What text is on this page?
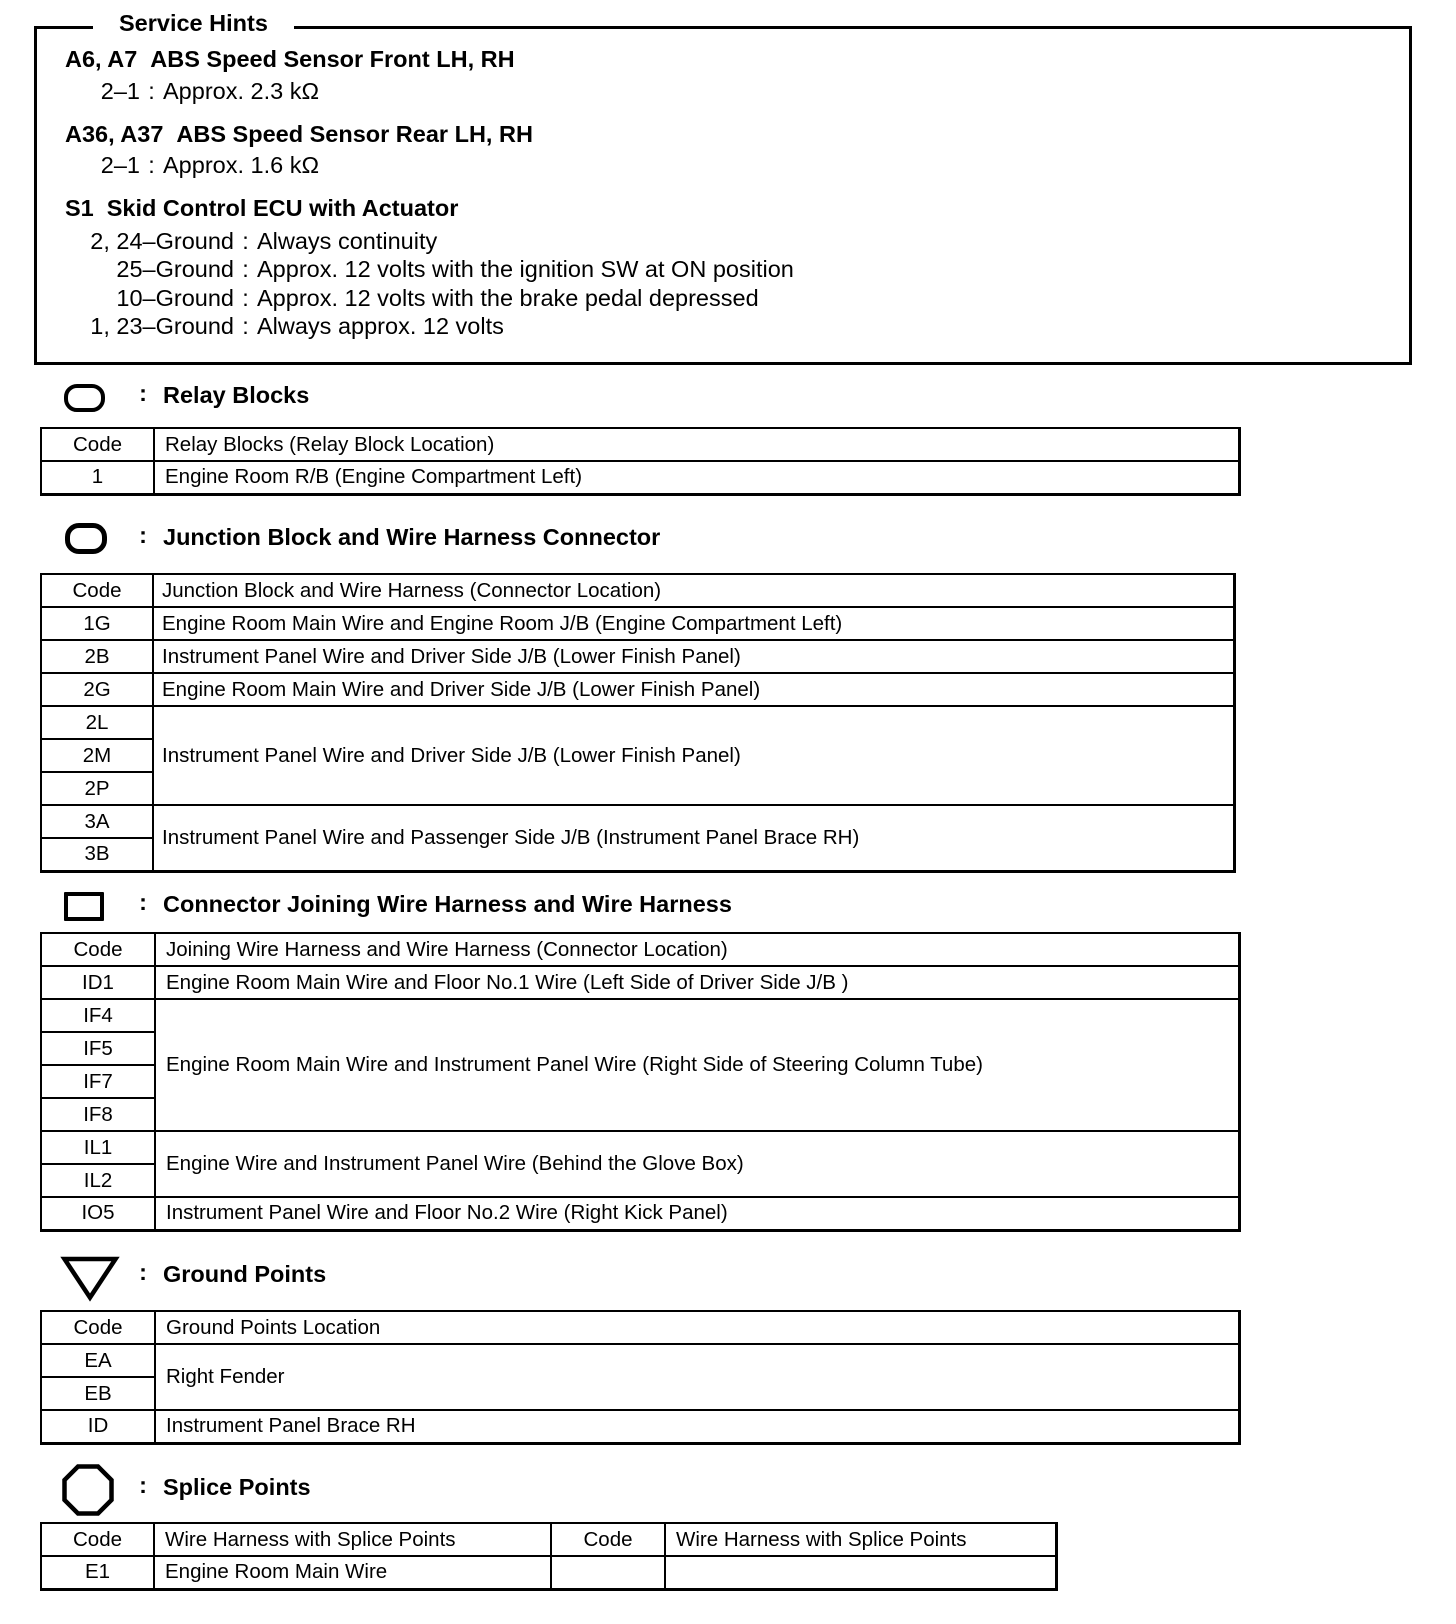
Service Hints
A6, A7 ABS Speed Sensor Front LH, RH
2–1 : Approx. 2.3 kΩ
A36, A37 ABS Speed Sensor Rear LH, RH
2–1 : Approx. 1.6 kΩ
S1 Skid Control ECU with Actuator
2, 24–Ground : Always continuity
25–Ground : Approx. 12 volts with the ignition SW at ON position
10–Ground : Approx. 12 volts with the brake pedal depressed
1, 23–Ground : Always approx. 12 volts
: Relay Blocks
Code	Relay Blocks (Relay Block Location)
1	Engine Room R/B (Engine Compartment Left)
: Junction Block and Wire Harness Connector
Code	Junction Block and Wire Harness (Connector Location)
1G	Engine Room Main Wire and Engine Room J/B (Engine Compartment Left)
2B	Instrument Panel Wire and Driver Side J/B (Lower Finish Panel)
2G	Engine Room Main Wire and Driver Side J/B (Lower Finish Panel)
2L	Instrument Panel Wire and Driver Side J/B (Lower Finish Panel)
2M	
2P	
3A	Instrument Panel Wire and Passenger Side J/B (Instrument Panel Brace RH)
3B	
: Connector Joining Wire Harness and Wire Harness
Code	Joining Wire Harness and Wire Harness (Connector Location)
ID1	Engine Room Main Wire and Floor No.1 Wire (Left Side of Driver Side J/B )
IF4	Engine Room Main Wire and Instrument Panel Wire (Right Side of Steering Column Tube)
IF5	
IF7	
IF8	
IL1	Engine Wire and Instrument Panel Wire (Behind the Glove Box)
IL2	
IO5	Instrument Panel Wire and Floor No.2 Wire (Right Kick Panel)
: Ground Points
Code	Ground Points Location
EA	Right Fender
EB	
ID	Instrument Panel Brace RH
: Splice Points
Code	Wire Harness with Splice Points	Code	Wire Harness with Splice Points
E1	Engine Room Main Wire		
